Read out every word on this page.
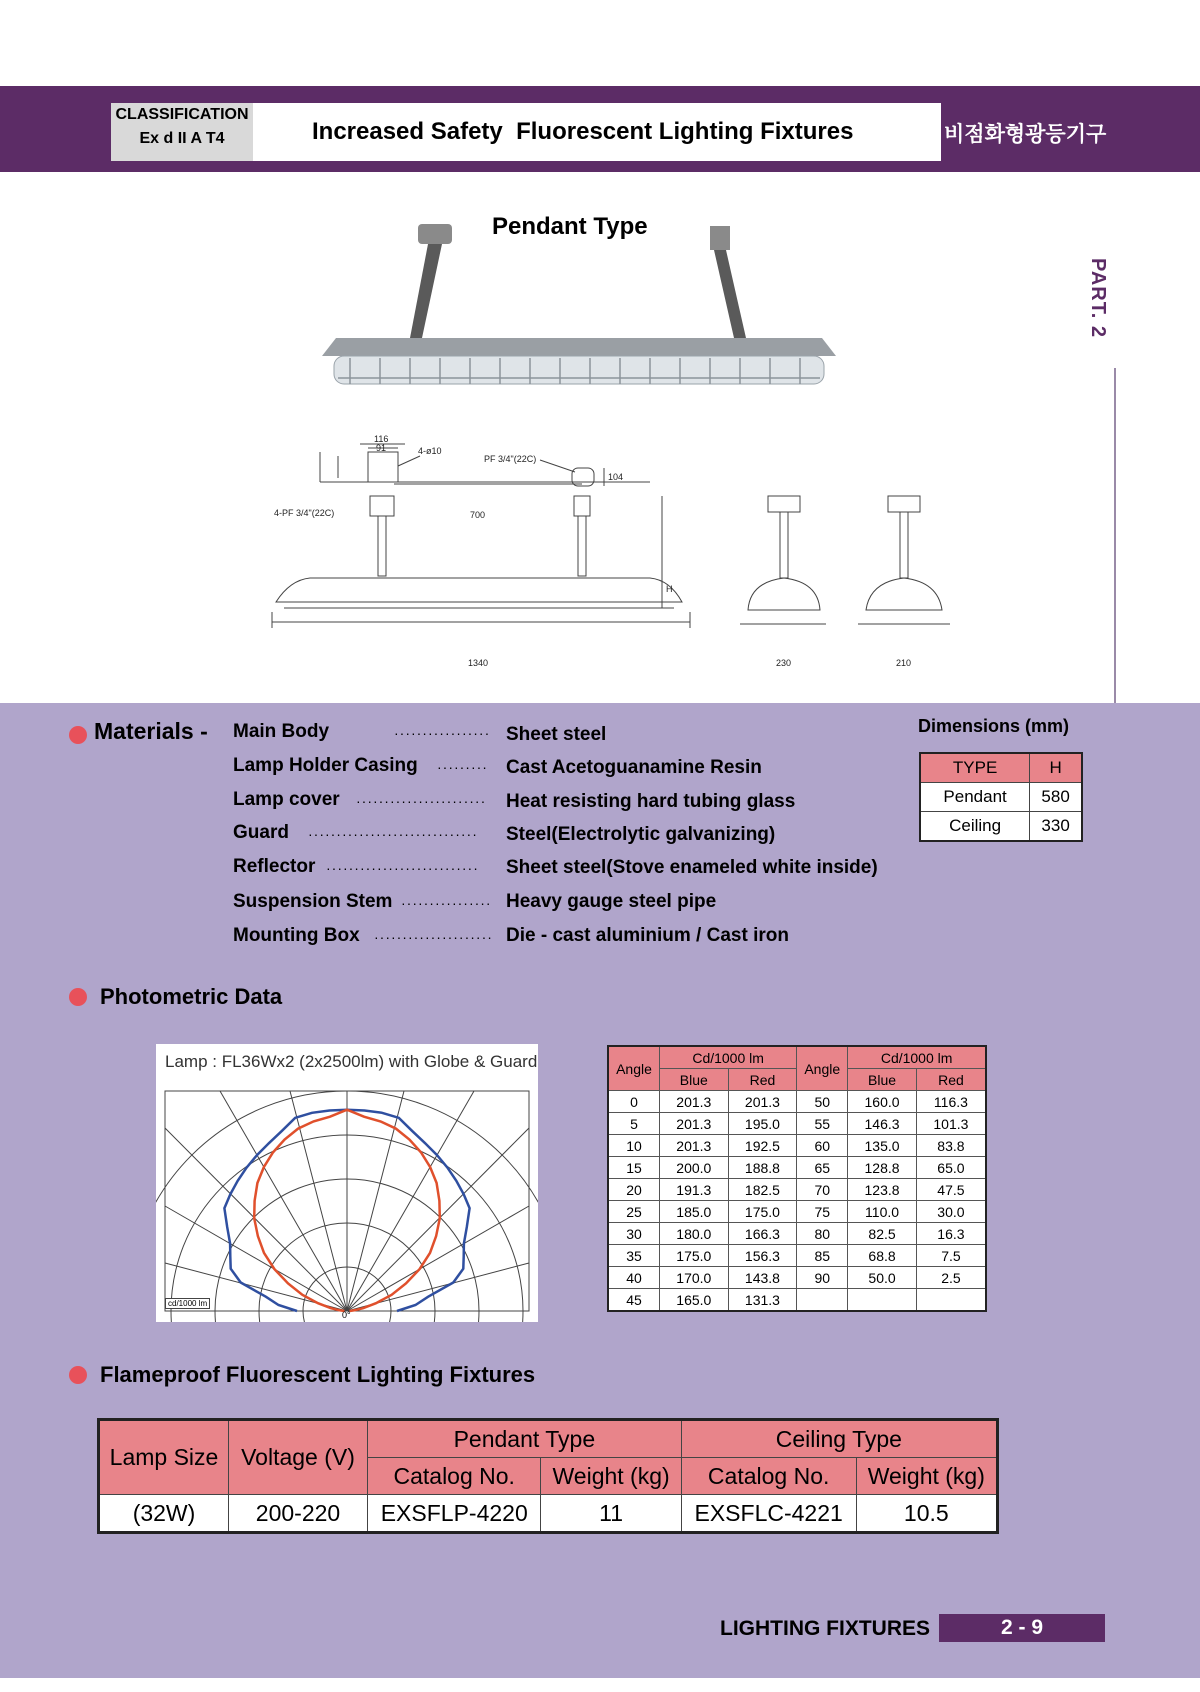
CLASSIFICATION
Ex d II A T4	Increased Safety  Fluorescent Lighting Fixtures	비점화형광등기구
PART. 2
Pendant Type
116
91	4-ø10
PF 3/4"(22C)
104
4-PF 3/4"(22C)	700
1340
H
230	210
Materials - Main Body	················· Sheet steel
Lamp Holder Casing ········· Cast Acetoguanamine Resin
Lamp cover ······················· Heat resisting hard tubing glass
Guard ······························ Steel(Electrolytic galvanizing)
Reflector ··························· Sheet steel(Stove enameled white inside)
Suspension Stem ················ Heavy gauge steel pipe
Mounting Box ····················· Die - cast aluminium / Cast iron
Dimensions (mm)
TYPE	H
Pendant	580
Ceiling	330
Photometric Data
Lamp : FL36Wx2 (2x2500lm) with Globe & Guard
cd/1000 lm
0°
Angle	Cd/1000 lm		Angle	Cd/1000 lm	
	Blue	Red		Blue	Red
0	201.3	201.3	50	160.0	116.3
5	201.3	195.0	55	146.3	101.3
10	201.3	192.5	60	135.0	83.8
15	200.0	188.8	65	128.8	65.0
20	191.3	182.5	70	123.8	47.5
25	185.0	175.0	75	110.0	30.0
30	180.0	166.3	80	82.5	16.3
35	175.0	156.3	85	68.8	7.5
40	170.0	143.8	90	50.0	2.5
45	165.0	131.3			
Flameproof Fluorescent Lighting Fixtures
Lamp Size	Voltage (V)	Pendant Type		Ceiling Type	
		Catalog No.	Weight (kg)	Catalog No.	Weight (kg)
(32W)	200-220	EXSFLP-4220	11	EXSFLC-4221	10.5
LIGHTING FIXTURES	2 - 9
